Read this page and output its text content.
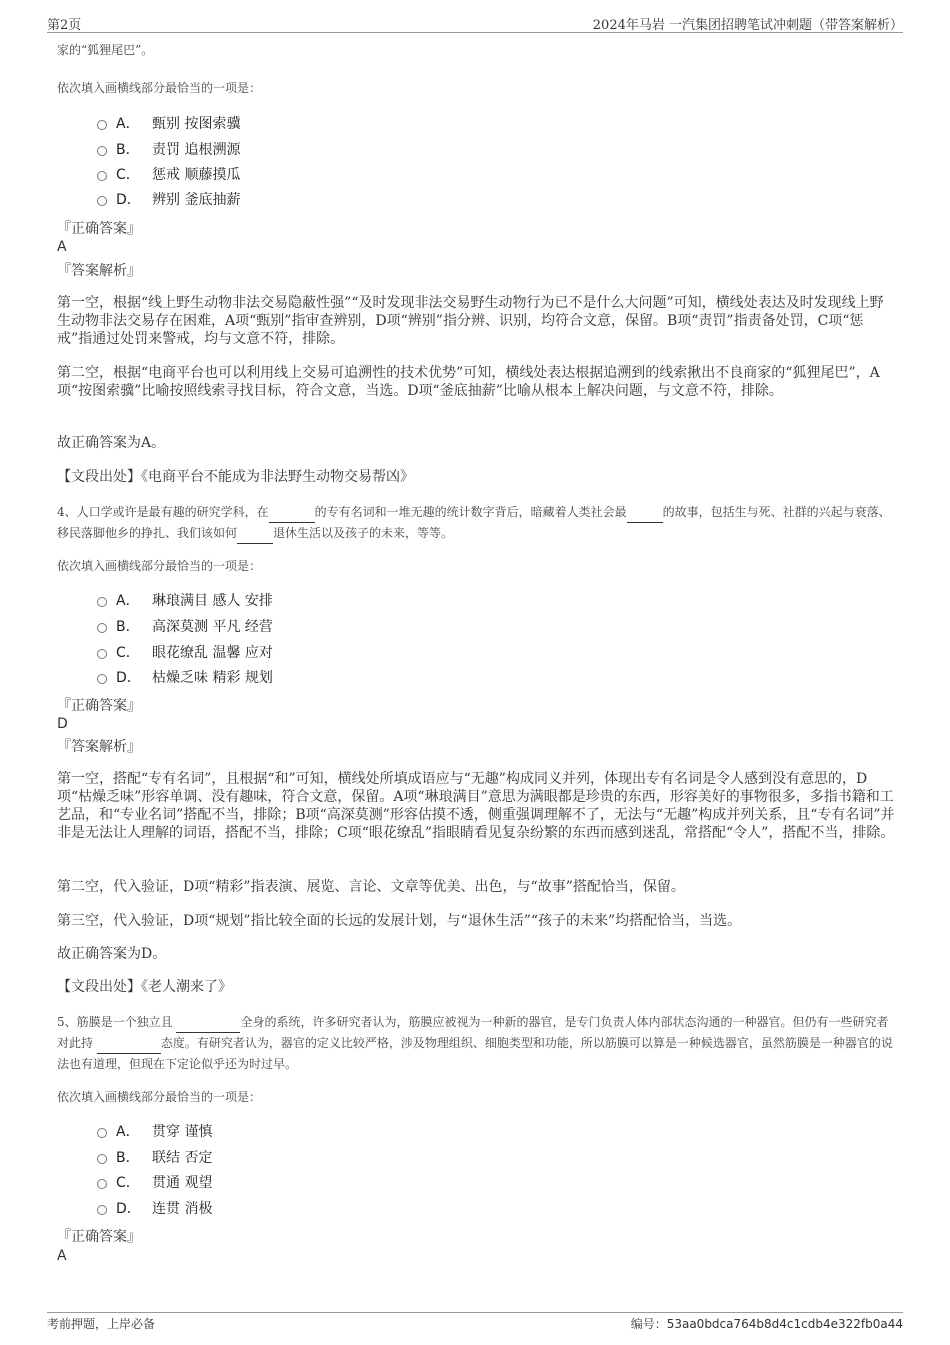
第2页	2024年马岩 一汽集团招聘笔试冲刺题（带答案解析）
家的“狐狸尾巴”。
依次填入画横线部分最恰当的一项是：
A． 甄别 按图索骥
B． 责罚 追根溯源
C． 惩戒 顺藤摸瓜
D． 辨别 釜底抽薪
『正确答案』
A
『答案解析』
第一空，根据“线上野生动物非法交易隐蔽性强”“及时发现非法交易野生动物行为已不是什么大问题”可知，横线处表达及时发现线上野生动物非法交易存在困难，A项“甄别”指审查辨别，D项“辨别”指分辨、识别，均符合文意，保留。B项“责罚”指责备处罚，C项“惩戒”指通过处罚来警戒，均与文意不符，排除。
第二空，根据“电商平台也可以利用线上交易可追溯性的技术优势”可知，横线处表达根据追溯到的线索揪出不良商家的“狐狸尾巴”，A项“按图索骥”比喻按照线索寻找目标，符合文意，当选。D项“釜底抽薪”比喻从根本上解决问题，与文意不符，排除。
故正确答案为A。
【文段出处】《电商平台不能成为非法野生动物交易帮凶》
4、人口学或许是最有趣的研究学科，在	的专有名词和一堆无趣的统计数字背后，暗藏着人类社会最	的故事，包括生与死、社群的兴起与衰落、移民落脚他乡的挣扎、我们该如何	退休生活以及孩子的未来，等等。
依次填入画横线部分最恰当的一项是：
A． 琳琅满目 感人 安排
B． 高深莫测 平凡 经营
C． 眼花缭乱 温馨 应对
D． 枯燥乏味 精彩 规划
『正确答案』
D
『答案解析』
第一空，搭配“专有名词”，且根据“和”可知，横线处所填成语应与“无趣”构成同义并列，体现出专有名词是令人感到没有意思的，D项“枯燥乏味”形容单调、没有趣味，符合文意，保留。A项“琳琅满目”意思为满眼都是珍贵的东西，形容美好的事物很多，多指书籍和工艺品，和“专业名词”搭配不当，排除；B项“高深莫测”形容估摸不透，侧重强调理解不了，无法与“无趣”构成并列关系，且“专有名词”并非是无法让人理解的词语，搭配不当，排除；C项“眼花缭乱”指眼睛看见复杂纷繁的东西而感到迷乱，常搭配“令人”，搭配不当，排除。
第二空，代入验证，D项“精彩”指表演、展览、言论、文章等优美、出色，与“故事”搭配恰当，保留。
第三空，代入验证，D项“规划”指比较全面的长远的发展计划，与“退休生活”“孩子的未来”均搭配恰当，当选。
故正确答案为D。
【文段出处】《老人潮来了》
5、筋膜是一个独立且	全身的系统，许多研究者认为，筋膜应被视为一种新的器官，是专门负责人体内部状态沟通的一种器官。但仍有一些研究者对此持	态度。有研究者认为，器官的定义比较严格，涉及物理组织、细胞类型和功能，所以筋膜可以算是一种候选器官，虽然筋膜是一种器官的说法也有道理，但现在下定论似乎还为时过早。
依次填入画横线部分最恰当的一项是：
A． 贯穿 谨慎
B． 联结 否定
C． 贯通 观望
D． 连贯 消极
『正确答案』
A
考前押题，上岸必备	编号：53aa0bdca764b8d4c1cdb4e322fb0a44
